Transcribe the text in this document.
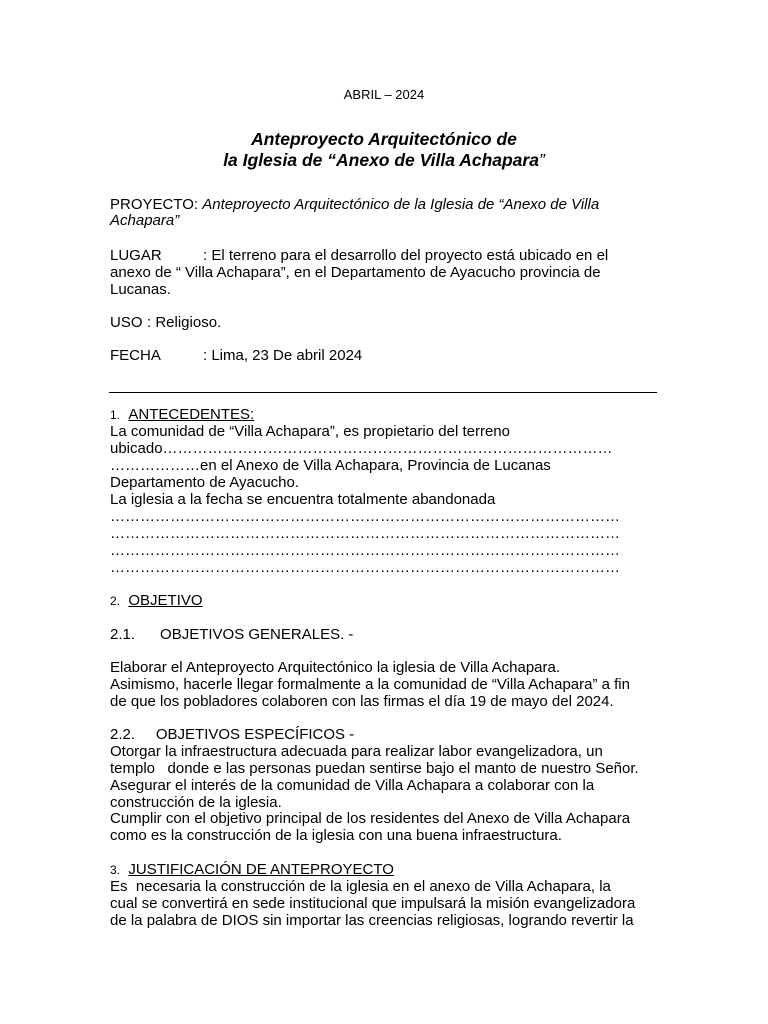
ABRIL – 2024
Anteproyecto Arquitectónico de
la Iglesia de “Anexo de Villa Achapara”
PROYECTO: Anteproyecto Arquitectónico de la Iglesia de “Anexo de Villa
Achapara”
LUGAR	: El terreno para el desarrollo del proyecto está ubicado en el
anexo de “ Villa Achapara”, en el Departamento de Ayacucho provincia de
Lucanas.
USO : Religioso.
FECHA	: Lima, 23 De abril 2024
1. ANTECEDENTES:
La comunidad de “Villa Achapara”, es propietario del terreno
ubicado………………………………………………………………………………
………………en el Anexo de Villa Achapara, Provincia de Lucanas
Departamento de Ayacucho.
La iglesia a la fecha se encuentra totalmente abandonada
…………………………………………………………………………………………
…………………………………………………………………………………………
…………………………………………………………………………………………
…………………………………………………………………………………………
2. OBJETIVO
2.1.      OBJETIVOS GENERALES. -
Elaborar el Anteproyecto Arquitectónico la iglesia de Villa Achapara.
Asimismo, hacerle llegar formalmente a la comunidad de “Villa Achapara” a fin
de que los pobladores colaboren con las firmas el día 19 de mayo del 2024.
2.2.     OBJETIVOS ESPECÍFICOS -
Otorgar la infraestructura adecuada para realizar labor evangelizadora, un
templo   donde e las personas puedan sentirse bajo el manto de nuestro Señor.
Asegurar el interés de la comunidad de Villa Achapara a colaborar con la
construcción de la iglesia.
Cumplir con el objetivo principal de los residentes del Anexo de Villa Achapara
como es la construcción de la iglesia con una buena infraestructura.
3. JUSTIFICACIÓN DE ANTEPROYECTO
Es  necesaria la construcción de la iglesia en el anexo de Villa Achapara, la
cual se convertirá en sede institucional que impulsará la misión evangelizadora
de la palabra de DIOS sin importar las creencias religiosas, logrando revertir la
